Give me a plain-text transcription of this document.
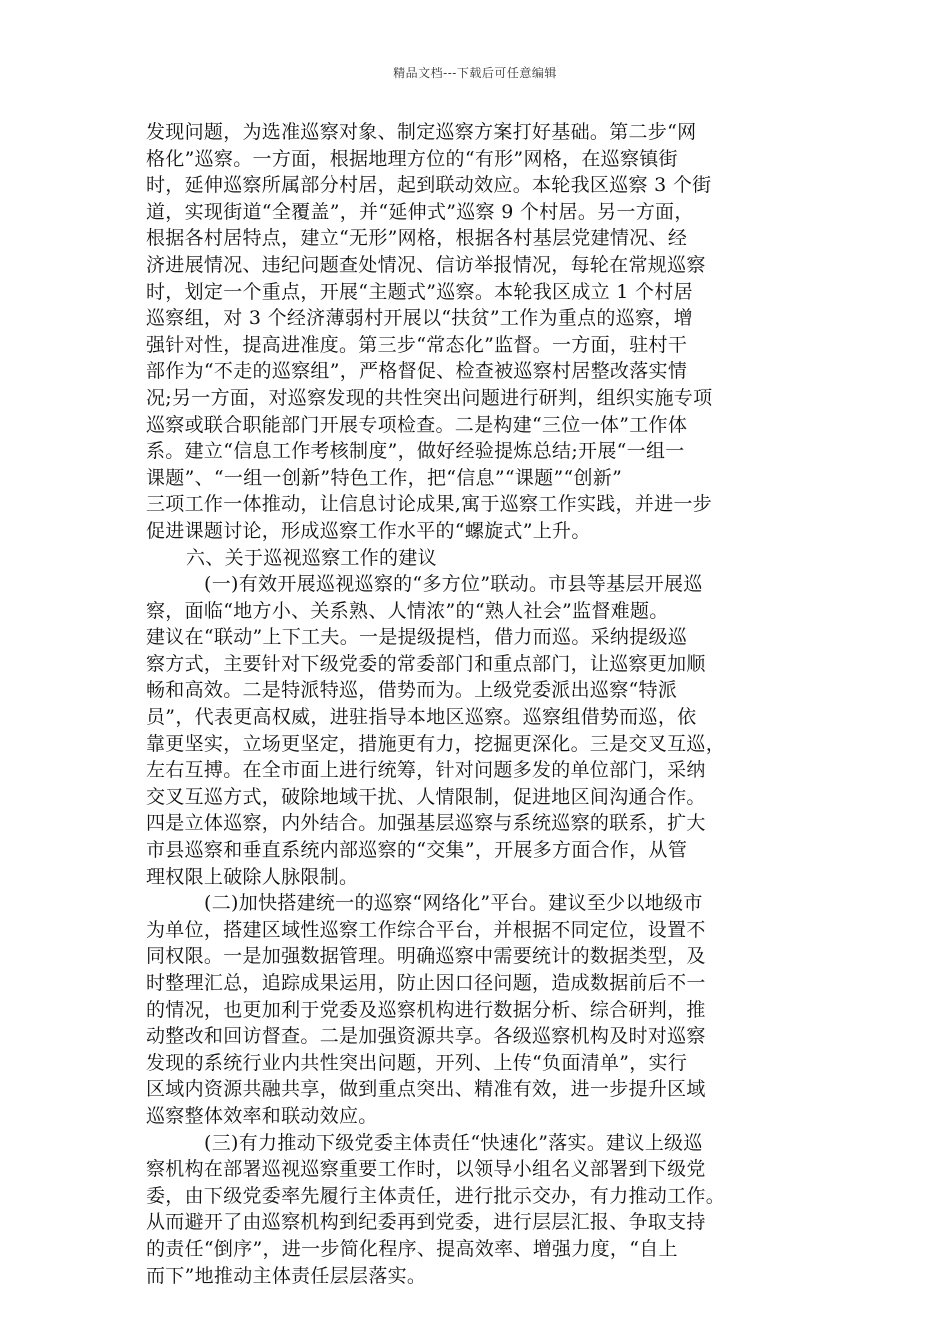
精品文档---下载后可任意编辑

发现问题，为选准巡察对象、制定巡察方案打好基础。第二步“网
格化”巡察。一方面，根据地理方位的“有形”网格，在巡察镇街
时，延伸巡察所属部分村居，起到联动效应。本轮我区巡察 3 个街
道，实现街道“全覆盖”，并“延伸式”巡察 9 个村居。另一方面，
根据各村居特点，建立“无形”网格，根据各村基层党建情况、经
济进展情况、违纪问题查处情况、信访举报情况，每轮在常规巡察
时，划定一个重点，开展“主题式”巡察。本轮我区成立 1 个村居
巡察组，对 3 个经济薄弱村开展以“扶贫”工作为重点的巡察，增
强针对性，提高进准度。第三步“常态化”监督。一方面，驻村干
部作为“不走的巡察组”，严格督促、检查被巡察村居整改落实情
况;另一方面，对巡察发现的共性突出问题进行研判，组织实施专项
巡察或联合职能部门开展专项检查。二是构建“三位一体”工作体
系。建立“信息工作考核制度”，做好经验提炼总结;开展“一组一
课题”、“一组一创新”特色工作，把“信息”“课题”“创新”
三项工作一体推动，让信息讨论成果,寓于巡察工作实践，并进一步
促进课题讨论，形成巡察工作水平的“螺旋式”上升。

六、关于巡视巡察工作的建议

(一)有效开展巡视巡察的“多方位”联动。市县等基层开展巡
察，面临“地方小、关系熟、人情浓”的“熟人社会”监督难题。
建议在“联动”上下工夫。一是提级提档，借力而巡。采纳提级巡
察方式，主要针对下级党委的常委部门和重点部门，让巡察更加顺
畅和高效。二是特派特巡，借势而为。上级党委派出巡察“特派
员”，代表更高权威，进驻指导本地区巡察。巡察组借势而巡，依
靠更坚实，立场更坚定，措施更有力，挖掘更深化。三是交叉互巡，
左右互搏。在全市面上进行统筹，针对问题多发的单位部门，采纳
交叉互巡方式，破除地域干扰、人情限制，促进地区间沟通合作。
四是立体巡察，内外结合。加强基层巡察与系统巡察的联系，扩大
市县巡察和垂直系统内部巡察的“交集”，开展多方面合作，从管
理权限上破除人脉限制。

(二)加快搭建统一的巡察“网络化”平台。建议至少以地级市
为单位，搭建区域性巡察工作综合平台，并根据不同定位，设置不
同权限。一是加强数据管理。明确巡察中需要统计的数据类型，及
时整理汇总，追踪成果运用，防止因口径问题，造成数据前后不一
的情况，也更加利于党委及巡察机构进行数据分析、综合研判，推
动整改和回访督查。二是加强资源共享。各级巡察机构及时对巡察
发现的系统行业内共性突出问题，开列、上传“负面清单”，实行
区域内资源共融共享，做到重点突出、精准有效，进一步提升区域
巡察整体效率和联动效应。

(三)有力推动下级党委主体责任“快速化”落实。建议上级巡
察机构在部署巡视巡察重要工作时，以领导小组名义部署到下级党
委，由下级党委率先履行主体责任，进行批示交办，有力推动工作。
从而避开了由巡察机构到纪委再到党委，进行层层汇报、争取支持
的责任“倒序”，进一步简化程序、提高效率、增强力度，“自上
而下”地推动主体责任层层落实。
